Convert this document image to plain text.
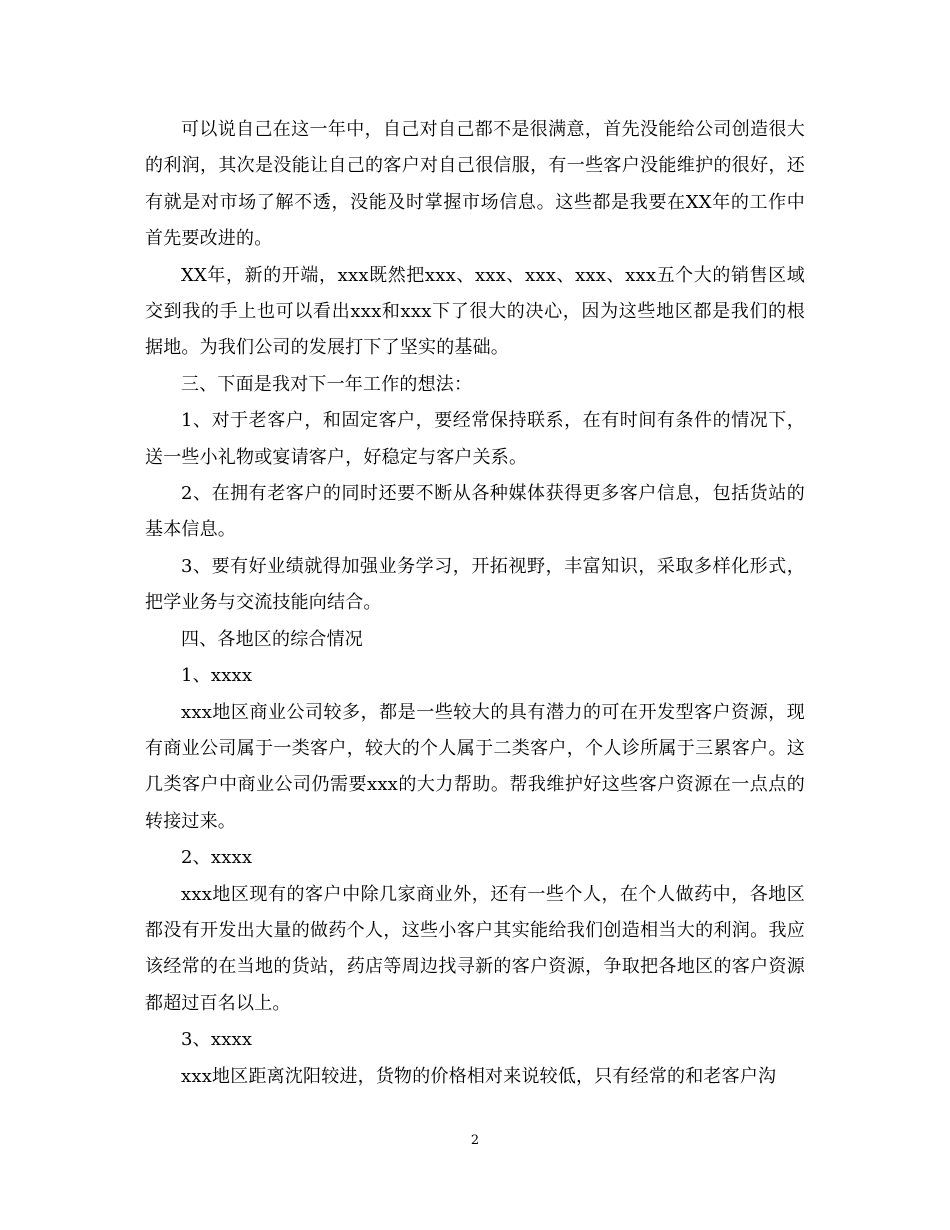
可以说自己在这一年中，自己对自己都不是很满意，首先没能给公司创造很大的利润，其次是没能让自己的客户对自己很信服，有一些客户没能维护的很好，还有就是对市场了解不透，没能及时掌握市场信息。这些都是我要在XX年的工作中首先要改进的。

XX年，新的开端，xxx既然把xxx、xxx、xxx、xxx、xxx五个大的销售区域交到我的手上也可以看出xxx和xxx下了很大的决心，因为这些地区都是我们的根据地。为我们公司的发展打下了坚实的基础。

三、下面是我对下一年工作的想法：

1、对于老客户，和固定客户，要经常保持联系，在有时间有条件的情况下，送一些小礼物或宴请客户，好稳定与客户关系。

2、在拥有老客户的同时还要不断从各种媒体获得更多客户信息，包括货站的基本信息。

3、要有好业绩就得加强业务学习，开拓视野，丰富知识，采取多样化形式，把学业务与交流技能向结合。

四、各地区的综合情况

1、xxxx

xxx地区商业公司较多，都是一些较大的具有潜力的可在开发型客户资源，现有商业公司属于一类客户，较大的个人属于二类客户，个人诊所属于三累客户。这几类客户中商业公司仍需要xxx的大力帮助。帮我维护好这些客户资源在一点点的转接过来。

2、xxxx

xxx地区现有的客户中除几家商业外，还有一些个人，在个人做药中，各地区都没有开发出大量的做药个人，这些小客户其实能给我们创造相当大的利润。我应该经常的在当地的货站，药店等周边找寻新的客户资源，争取把各地区的客户资源都超过百名以上。

3、xxxx

xxx地区距离沈阳较进，货物的价格相对来说较低，只有经常的和老客户沟

2
